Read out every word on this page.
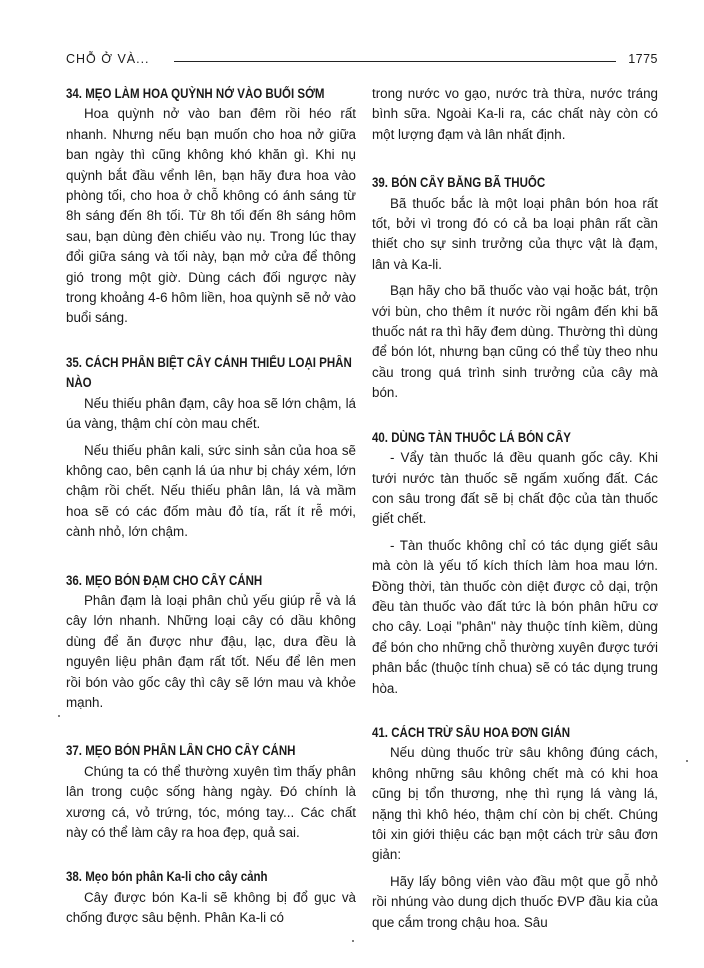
CHỖ Ở VÀ...	1775
34. MẸO LÀM HOA QUỲNH NỞ VÀO BUỔI SỚM

Hoa quỳnh nở vào ban đêm rồi héo rất nhanh. Nhưng nếu bạn muốn cho hoa nở giữa ban ngày thì cũng không khó khăn gì. Khi nụ quỳnh bắt đầu vểnh lên, bạn hãy đưa hoa vào phòng tối, cho hoa ở chỗ không có ánh sáng từ 8h sáng đến 8h tối. Từ 8h tối đến 8h sáng hôm sau, bạn dùng đèn chiếu vào nụ. Trong lúc thay đổi giữa sáng và tối này, bạn mở cửa để thông gió trong một giờ. Dùng cách đối ngược này trong khoảng 4-6 hôm liền, hoa quỳnh sẽ nở vào buổi sáng.

35. CÁCH PHÂN BIỆT CÂY CẢNH THIẾU LOẠI PHÂN NÀO

Nếu thiếu phân đạm, cây hoa sẽ lớn chậm, lá úa vàng, thậm chí còn mau chết.

Nếu thiếu phân kali, sức sinh sản của hoa sẽ không cao, bên cạnh lá úa như bị cháy xém, lớn chậm rồi chết. Nếu thiếu phân lân, lá và mầm hoa sẽ có các đốm màu đỏ tía, rất ít rễ mới, cành nhỏ, lớn chậm.

36. MẸO BÓN ĐẠM CHO CÂY CẢNH

Phân đạm là loại phân chủ yếu giúp rễ và lá cây lớn nhanh. Những loại cây có dầu không dùng để ăn được như đậu, lạc, dưa đều là nguyên liệu phân đạm rất tốt. Nếu để lên men rồi bón vào gốc cây thì cây sẽ lớn mau và khỏe mạnh.

37. MẸO BÓN PHÂN LÂN CHO CÂY CẢNH

Chúng ta có thể thường xuyên tìm thấy phân lân trong cuộc sống hàng ngày. Đó chính là xương cá, vỏ trứng, tóc, móng tay... Các chất này có thể làm cây ra hoa đẹp, quả sai.

38. Mẹo bón phân Ka-li cho cây cảnh

Cây được bón Ka-li sẽ không bị đổ gục và chống được sâu bệnh. Phân Ka-li có

trong nước vo gạo, nước trà thừa, nước tráng bình sữa. Ngoài Ka-li ra, các chất này còn có một lượng đạm và lân nhất định.

39. BÓN CÂY BẰNG BÃ THUỐC

Bã thuốc bắc là một loại phân bón hoa rất tốt, bởi vì trong đó có cả ba loại phân rất cần thiết cho sự sinh trưởng của thực vật là đạm, lân và Ka-li.

Bạn hãy cho bã thuốc vào vại hoặc bát, trộn với bùn, cho thêm ít nước rồi ngâm đến khi bã thuốc nát ra thì hãy đem dùng. Thường thì dùng để bón lót, nhưng bạn cũng có thể tùy theo nhu cầu trong quá trình sinh trưởng của cây mà bón.

40. DÙNG TÀN THUỐC LÁ BÓN CÂY

- Vẩy tàn thuốc lá đều quanh gốc cây. Khi tưới nước tàn thuốc sẽ ngấm xuống đất. Các con sâu trong đất sẽ bị chất độc của tàn thuốc giết chết.

- Tàn thuốc không chỉ có tác dụng giết sâu mà còn là yếu tố kích thích làm hoa mau lớn. Đồng thời, tàn thuốc còn diệt được cỏ dại, trộn đều tàn thuốc vào đất tức là bón phân hữu cơ cho cây. Loại "phân" này thuộc tính kiềm, dùng để bón cho những chỗ thường xuyên được tưới phân bắc (thuộc tính chua) sẽ có tác dụng trung hòa.

41. CÁCH TRỪ SÂU HOA ĐƠN GIẢN

Nếu dùng thuốc trừ sâu không đúng cách, không những sâu không chết mà có khi hoa cũng bị tổn thương, nhẹ thì rụng lá vàng lá, nặng thì khô héo, thậm chí còn bị chết. Chúng tôi xin giới thiệu các bạn một cách trừ sâu đơn giản:

Hãy lấy bông viên vào đầu một que gỗ nhỏ rồi nhúng vào dung dịch thuốc ĐVP đầu kia của que cắm trong chậu hoa. Sâu
